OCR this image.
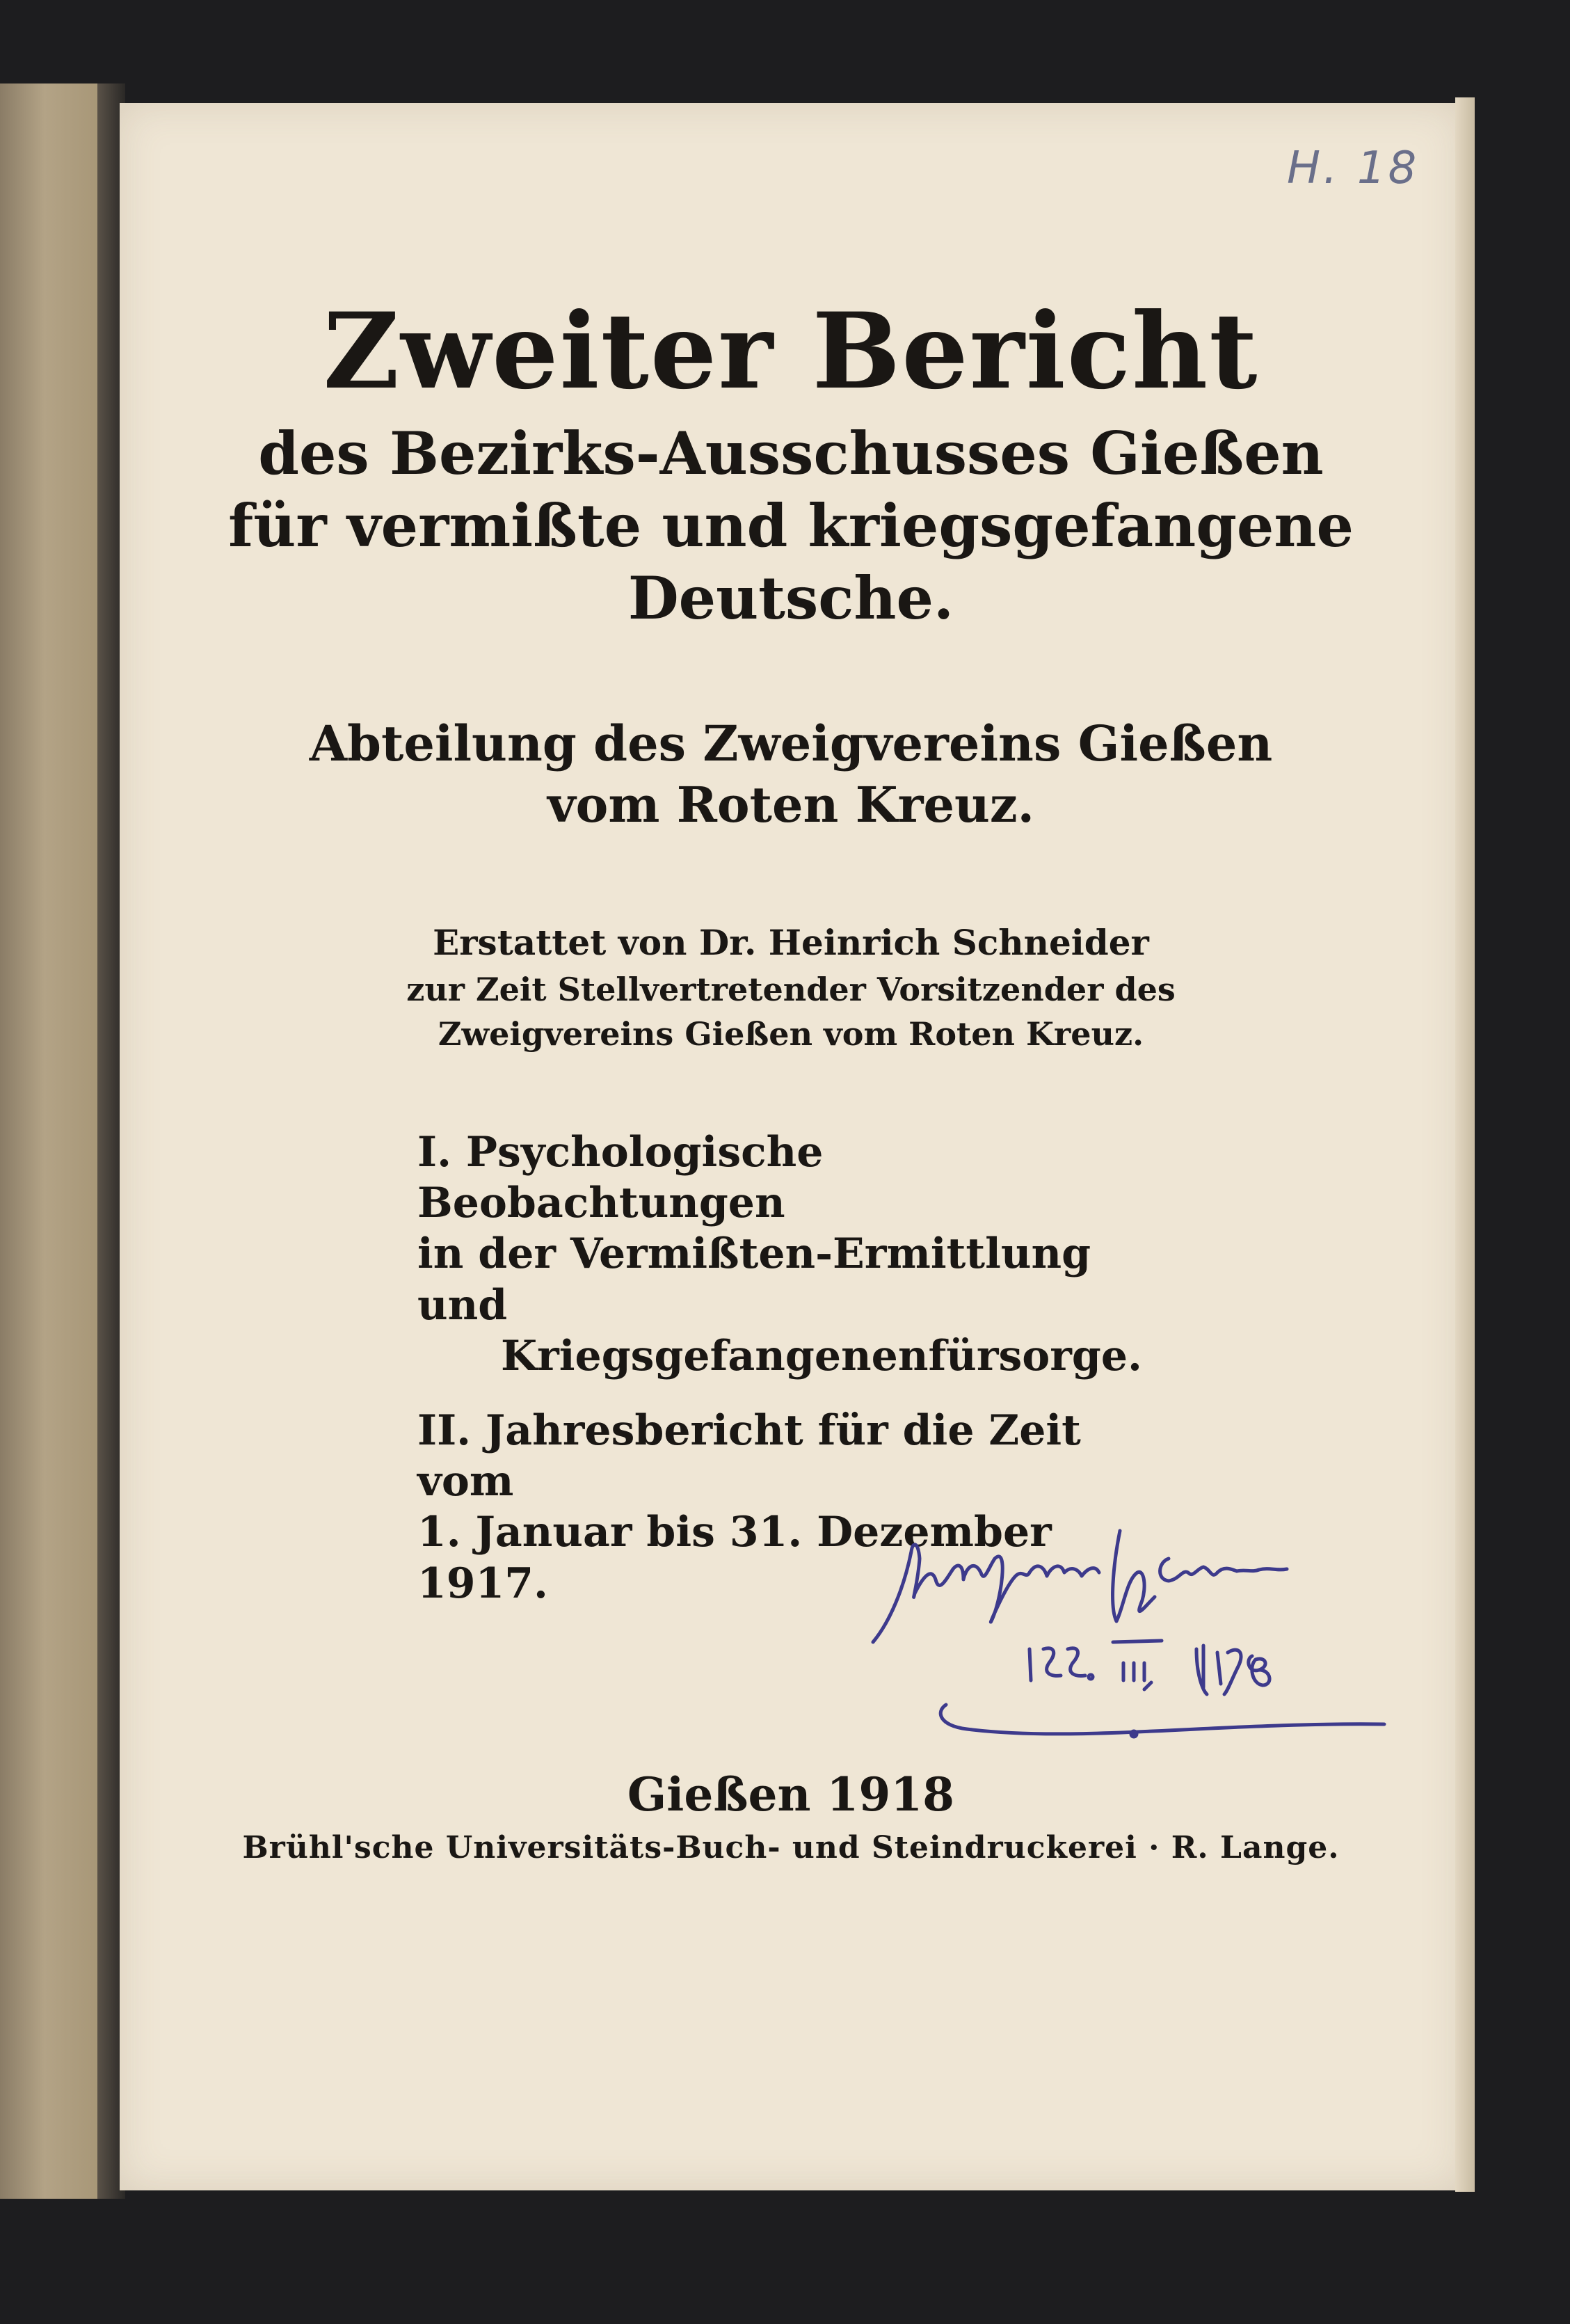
H. 18
Zweiter Bericht
des Bezirks-Ausschusses Gießen
für vermißte und kriegsgefangene
Deutsche.
Abteilung des Zweigvereins Gießen
vom Roten Kreuz.
Erstattet von Dr. Heinrich Schneider
zur Zeit Stellvertretender Vorsitzender des
Zweigvereins Gießen vom Roten Kreuz.
I. Psychologische Beobachtungen
in der Vermißten-Ermittlung und
Kriegsgefangenenfürsorge.
II. Jahresbericht für die Zeit vom
1. Januar bis 31. Dezember 1917.
Gießen 1918
Brühl'sche Universitäts-Buch- und Steindruckerei · R. Lange.
